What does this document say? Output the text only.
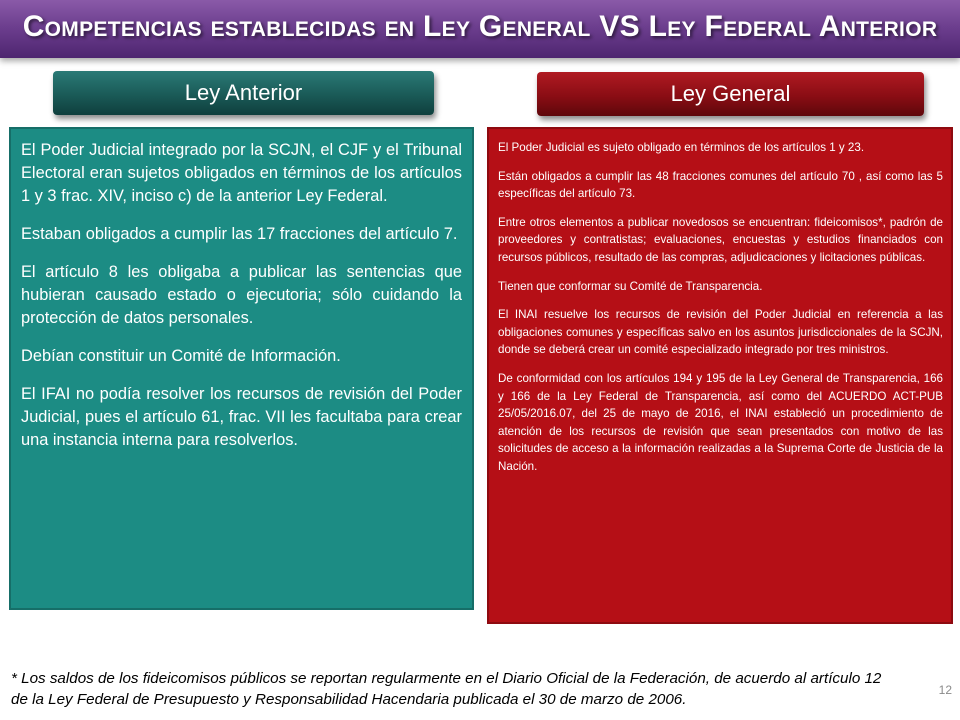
Competencias establecidas en Ley General VS Ley Federal Anterior
Ley Anterior	Ley General

El Poder Judicial integrado por la SCJN, el CJF y el Tribunal Electoral eran sujetos obligados en términos de los artículos 1 y 3 frac. XIV, inciso c) de la anterior Ley Federal.

Estaban obligados a cumplir las 17 fracciones del artículo 7.

El artículo 8 les obligaba a publicar las sentencias que hubieran causado estado o ejecutoria; sólo cuidando la protección de datos personales.

Debían constituir un Comité de Información.

El IFAI no podía resolver los recursos de revisión del Poder Judicial, pues el artículo 61, frac. VII les facultaba para crear una instancia interna para resolverlos.

El Poder Judicial es sujeto obligado en términos de los artículos 1 y 23.

Están obligados a cumplir las 48 fracciones comunes del artículo 70 , así como las 5 específicas del artículo 73.

Entre otros elementos a publicar novedosos se encuentran: fideicomisos*, padrón de proveedores y contratistas; evaluaciones, encuestas y estudios financiados con recursos públicos, resultado de las compras, adjudicaciones y licitaciones públicas.

Tienen que conformar su Comité de Transparencia.

El INAI resuelve los recursos de revisión del Poder Judicial en referencia a las obligaciones comunes y específicas salvo en los asuntos jurisdiccionales de la SCJN, donde se deberá crear un comité especializado integrado por tres ministros.

De conformidad con los artículos 194 y 195 de la Ley General de Transparencia, 166 y 166 de la Ley Federal de Transparencia, así como del ACUERDO ACT-PUB 25/05/2016.07, del 25 de mayo de 2016, el INAI estableció un procedimiento de atención de los recursos de revisión que sean presentados con motivo de las solicitudes de acceso a la información realizadas a la Suprema Corte de Justicia de la Nación.

* Los saldos de los fideicomisos públicos se reportan regularmente en el Diario Oficial de la Federación, de acuerdo al artículo 12 de la Ley Federal de Presupuesto y Responsabilidad Hacendaria publicada el 30 de marzo de 2006.
12
